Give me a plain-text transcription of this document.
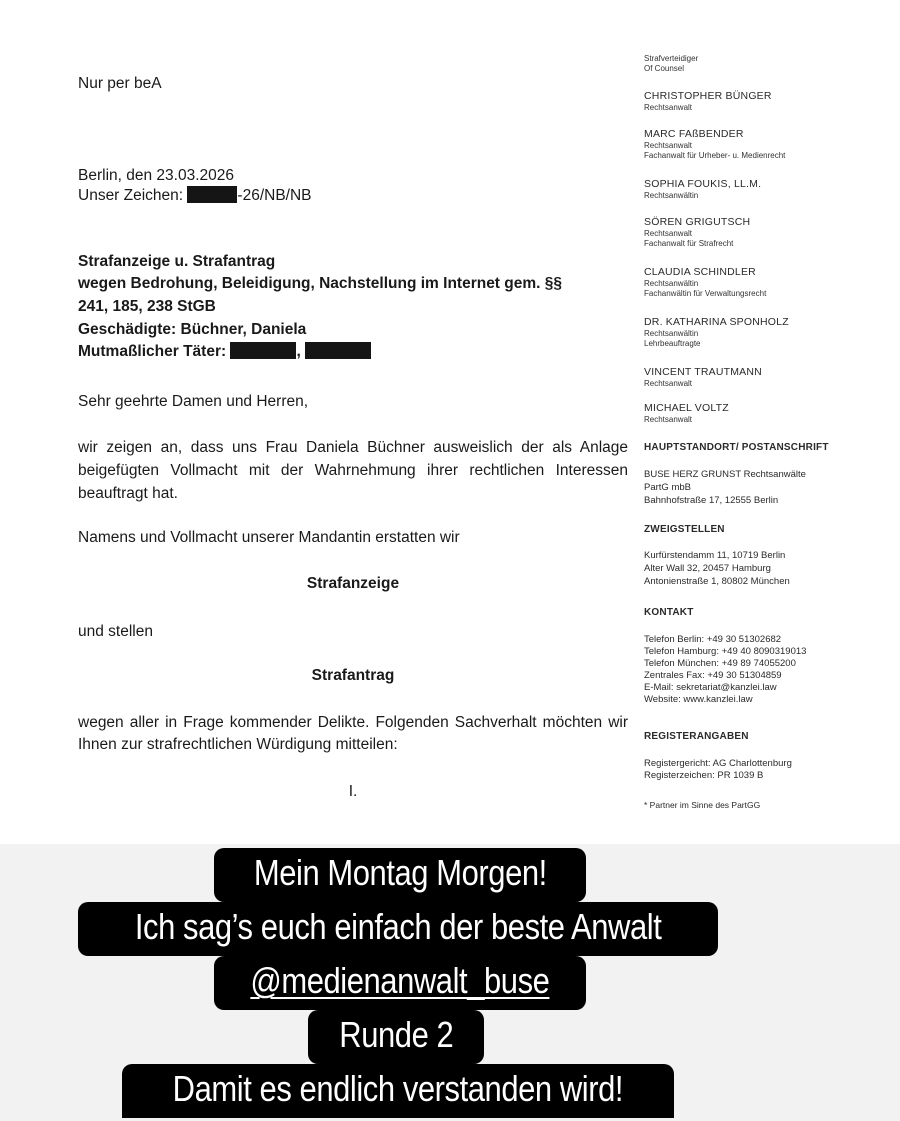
Nur per beA
Berlin, den 23.03.2026
Unser Zeichen:	-26/NB/NB
Strafanzeige u. Strafantrag
wegen Bedrohung, Beleidigung, Nachstellung im Internet gem. §§
241, 185, 238 StGB
Geschädigte: Büchner, Daniela
Mutmaßlicher Täter:	,
Sehr geehrte Damen und Herren,
wir zeigen an, dass uns Frau Daniela Büchner ausweislich der als Anlage beigefügten Vollmacht mit der Wahrnehmung ihrer rechtlichen Interessen beauftragt hat.
Namens und Vollmacht unserer Mandantin erstatten wir
Strafanzeige
und stellen
Strafantrag
wegen aller in Frage kommender Delikte. Folgenden Sachverhalt möchten wir Ihnen zur strafrechtlichen Würdigung mitteilen:
I.
Strafverteidiger
Of Counsel
CHRISTOPHER BÜNGER
Rechtsanwalt
MARC FAßBENDER
Rechtsanwalt
Fachanwalt für Urheber- u. Medienrecht
SOPHIA FOUKIS, LL.M.
Rechtsanwältin
SÖREN GRIGUTSCH
Rechtsanwalt
Fachanwalt für Strafrecht
CLAUDIA SCHINDLER
Rechtsanwältin
Fachanwältin für Verwaltungsrecht
DR. KATHARINA SPONHOLZ
Rechtsanwältin
Lehrbeauftragte
VINCENT TRAUTMANN
Rechtsanwalt
MICHAEL VOLTZ
Rechtsanwalt
HAUPTSTANDORT/ POSTANSCHRIFT
BUSE HERZ GRUNST Rechtsanwälte
PartG mbB
Bahnhofstraße 17, 12555 Berlin
ZWEIGSTELLEN
Kurfürstendamm 11, 10719 Berlin
Alter Wall 32, 20457 Hamburg
Antonienstraße 1, 80802 München
KONTAKT
Telefon Berlin: +49 30 51302682
Telefon Hamburg: +49 40 8090319013
Telefon München: +49 89 74055200
Zentrales Fax: +49 30 51304859
E-Mail: sekretariat@kanzlei.law
Website: www.kanzlei.law
REGISTERANGABEN
Registergericht: AG Charlottenburg
Registerzeichen: PR 1039 B
* Partner im Sinne des PartGG
Mein Montag Morgen!
Ich sag’s euch einfach der beste Anwalt
@medienanwalt_buse
Runde 2
Damit es endlich verstanden wird!
